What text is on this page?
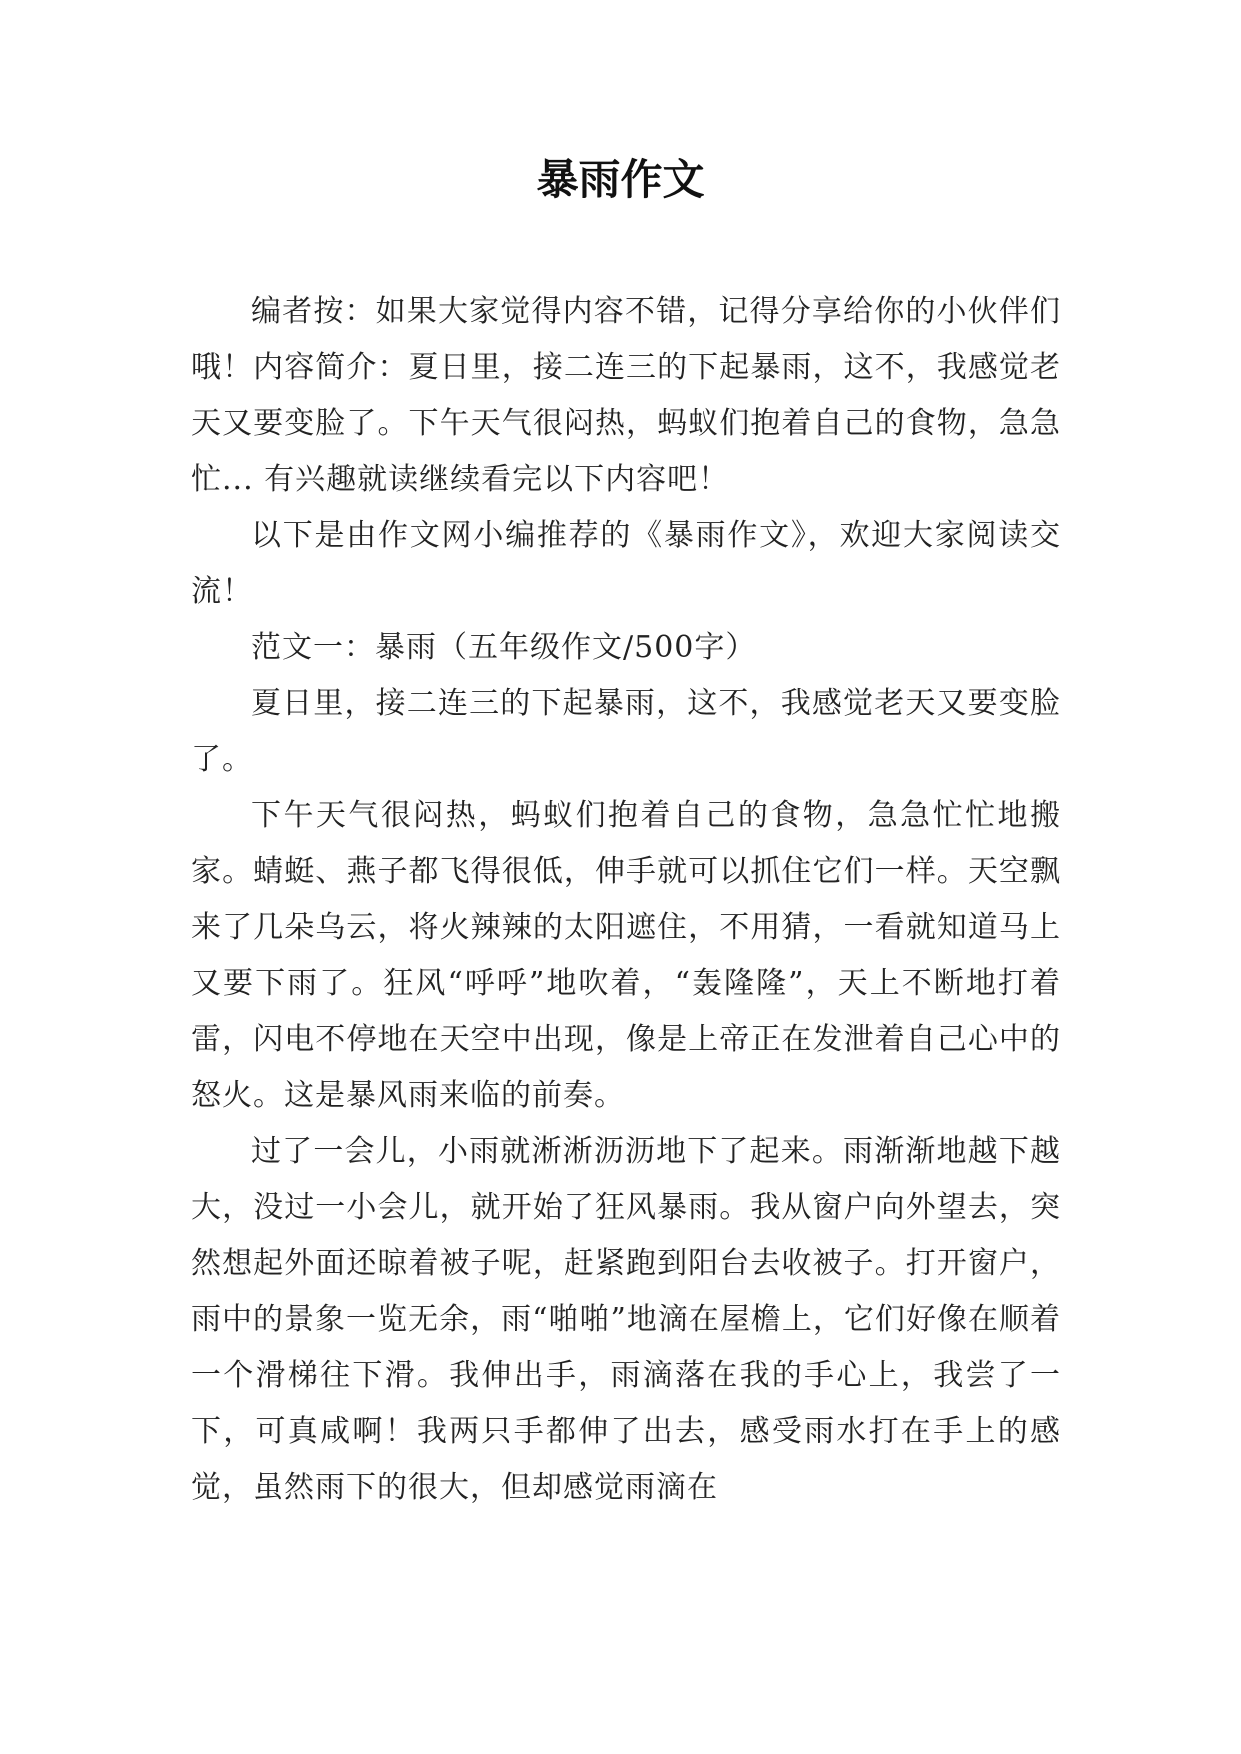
暴雨作文

编者按：如果大家觉得内容不错，记得分享给你的小伙伴们哦！内容简介：夏日里，接二连三的下起暴雨，这不，我感觉老天又要变脸了。下午天气很闷热，蚂蚁们抱着自己的食物，急急忙... 有兴趣就读继续看完以下内容吧！

以下是由作文网小编推荐的《暴雨作文》，欢迎大家阅读交流！

范文一：暴雨（五年级作文/500字）

夏日里，接二连三的下起暴雨，这不，我感觉老天又要变脸了。

下午天气很闷热，蚂蚁们抱着自己的食物，急急忙忙地搬家。蜻蜓、燕子都飞得很低，伸手就可以抓住它们一样。天空飘来了几朵乌云，将火辣辣的太阳遮住，不用猜，一看就知道马上又要下雨了。狂风“呼呼”地吹着，“轰隆隆”，天上不断地打着雷，闪电不停地在天空中出现，像是上帝正在发泄着自己心中的怒火。这是暴风雨来临的前奏。

过了一会儿，小雨就淅淅沥沥地下了起来。雨渐渐地越下越大，没过一小会儿，就开始了狂风暴雨。我从窗户向外望去，突然想起外面还晾着被子呢，赶紧跑到阳台去收被子。打开窗户，雨中的景象一览无余，雨“啪啪”地滴在屋檐上，它们好像在顺着一个滑梯往下滑。我伸出手，雨滴落在我的手心上，我尝了一下，可真咸啊！我两只手都伸了出去，感受雨水打在手上的感觉，虽然雨下的很大，但却感觉雨滴在
